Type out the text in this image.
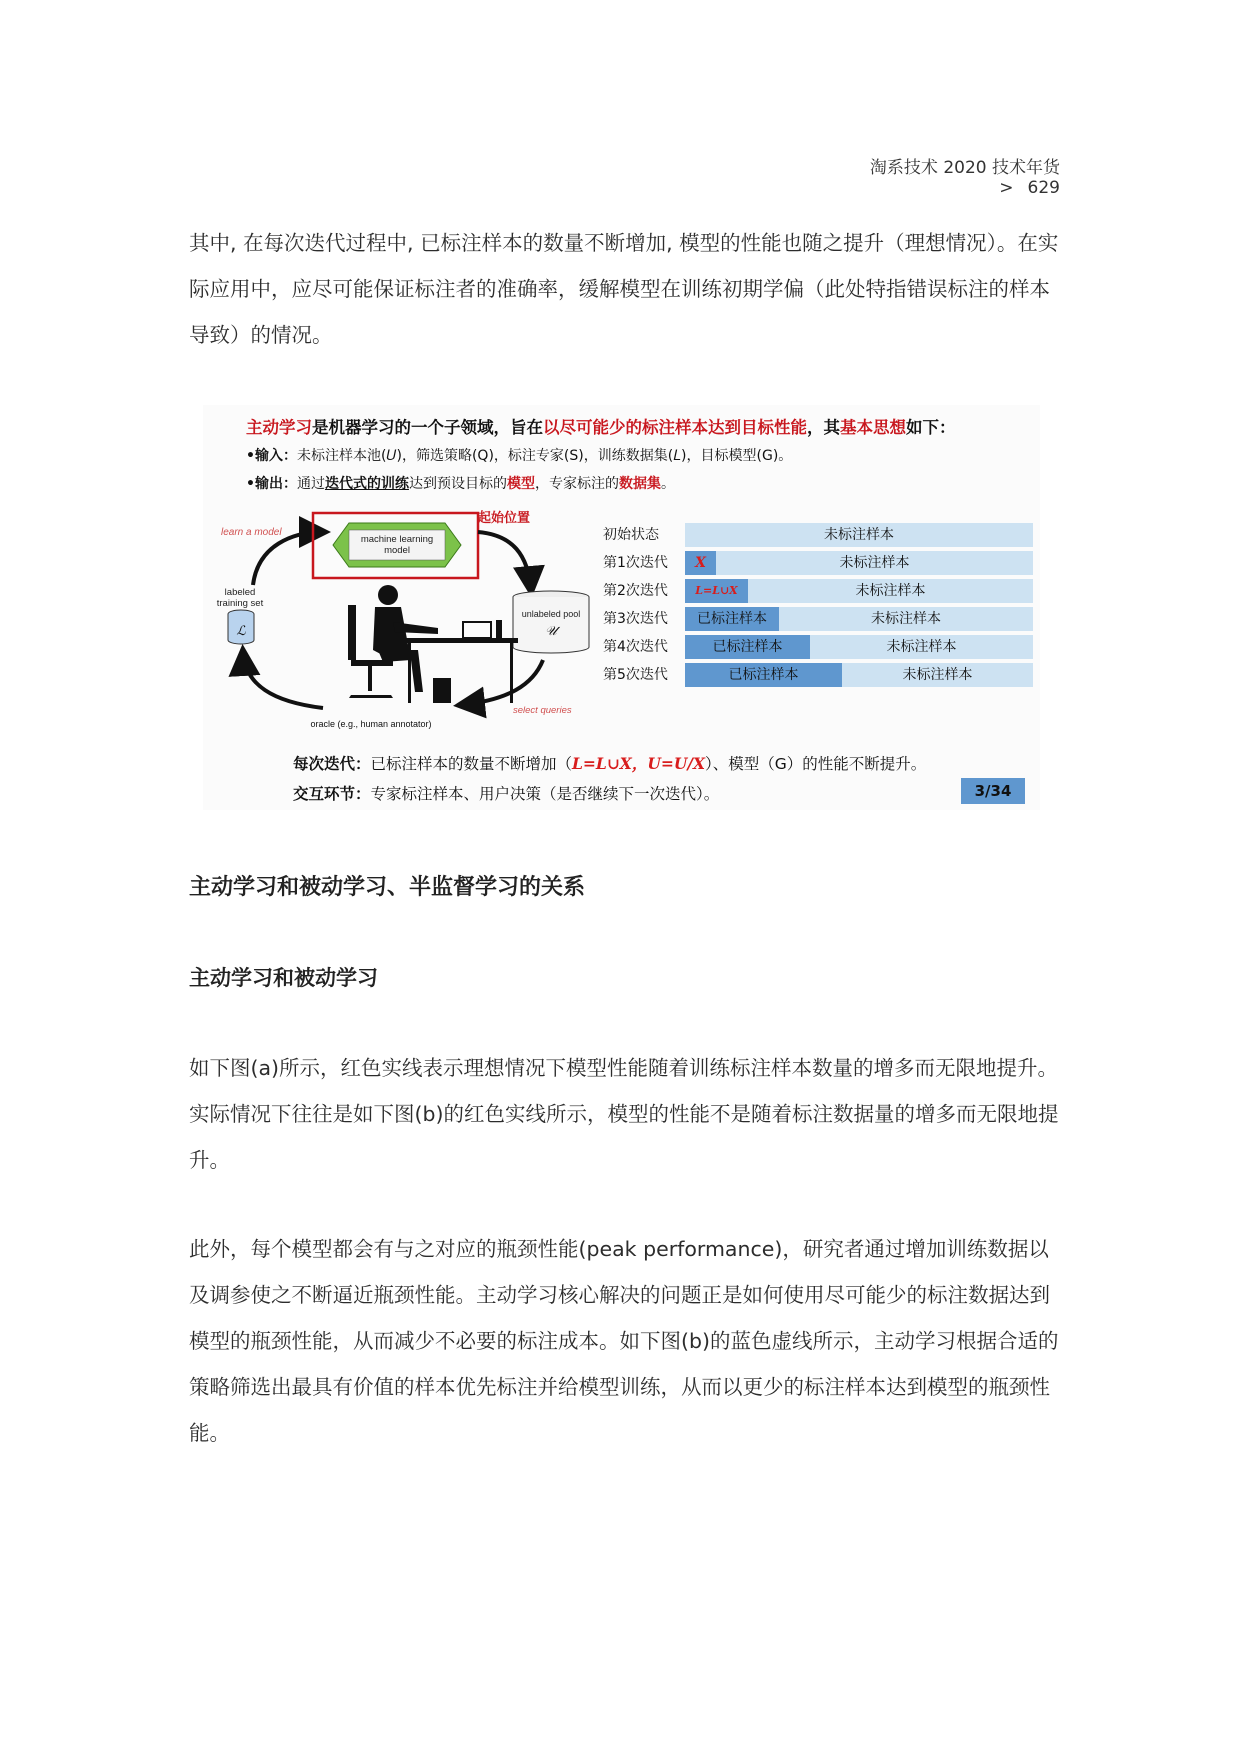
淘系技术 2020 技术年货> 629

其中, 在每次迭代过程中, 已标注样本的数量不断增加, 模型的性能也随之提升（理想情况）。在实际应用中，应尽可能保证标注者的准确率，缓解模型在训练初期学偏（此处特指错误标注的样本导致）的情况。

主动学习是机器学习的一个子领域，旨在以尽可能少的标注样本达到目标性能，其基本思想如下：
•输入：未标注样本池(𝑈)，筛选策略(Q)，标注专家(S)，训练数据集(𝐿)，目标模型(G)。
•输出：通过迭代式的训练达到预设目标的模型，专家标注的数据集。
learn a model
machine learning
model
起始位置
labeled
training set
ℒ
unlabeled pool
𝒰
select queries
oracle (e.g., human annotator)
初始状态	未标注样本
第1次迭代	X	未标注样本
第2次迭代	L=L∪X	未标注样本
第3次迭代	已标注样本	未标注样本
第4次迭代	已标注样本	未标注样本
第5次迭代	已标注样本	未标注样本
每次迭代：已标注样本的数量不断增加（L=L∪X，U=U/X）、模型（G）的性能不断提升。
交互环节：专家标注样本、用户决策（是否继续下一次迭代）。	3/34
主动学习和被动学习、半监督学习的关系
主动学习和被动学习

如下图(a)所示，红色实线表示理想情况下模型性能随着训练标注样本数量的增多而无限地提升。实际情况下往往是如下图(b)的红色实线所示，模型的性能不是随着标注数据量的增多而无限地提升。

此外，每个模型都会有与之对应的瓶颈性能(peak performance)，研究者通过增加训练数据以及调参使之不断逼近瓶颈性能。主动学习核心解决的问题正是如何使用尽可能少的标注数据达到模型的瓶颈性能，从而减少不必要的标注成本。如下图(b)的蓝色虚线所示，主动学习根据合适的策略筛选出最具有价值的样本优先标注并给模型训练，从而以更少的标注样本达到模型的瓶颈性能。
